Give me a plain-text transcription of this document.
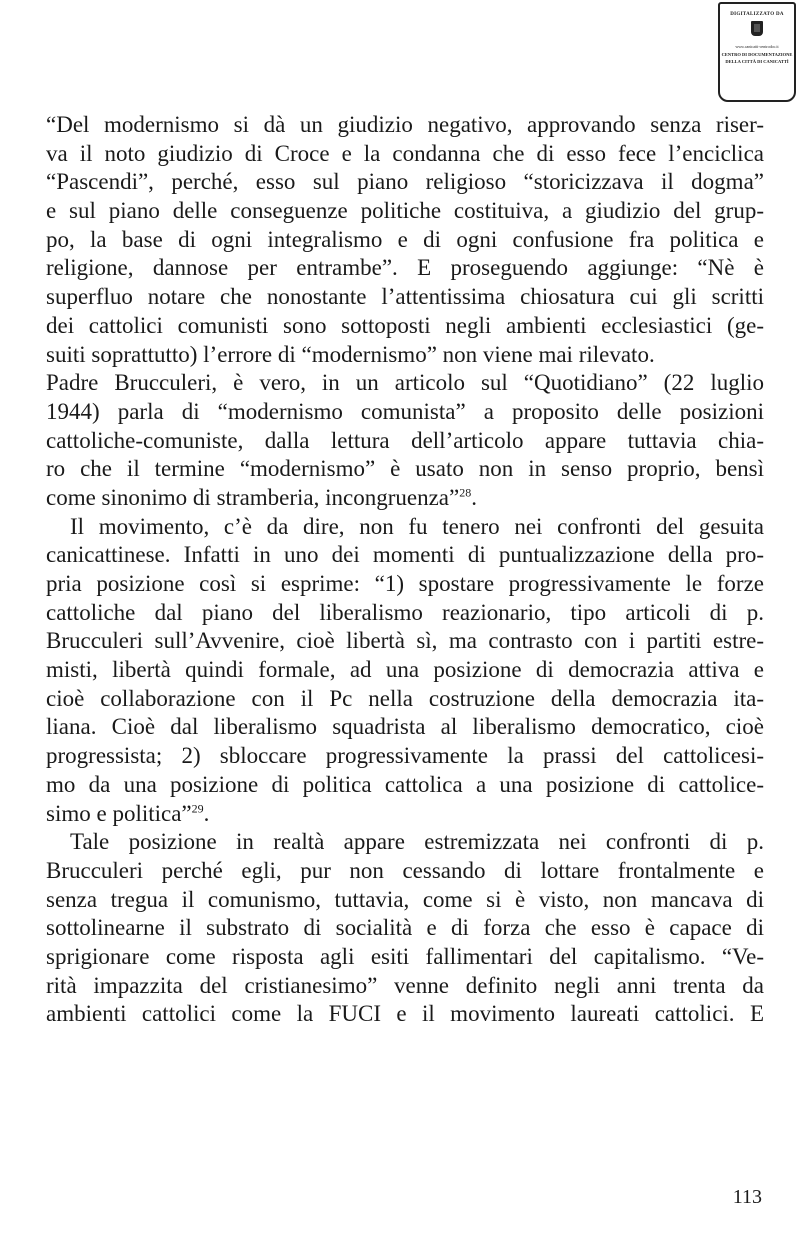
DIGITALIZZATO DA
www.canicatti-centrodoc.it
CENTRO DI DOCUMENTAZIONE
DELLA CITTÀ DI CANICATTÌ
“Del modernismo si dà un giudizio negativo, approvando senza riser-
va il noto giudizio di Croce e la condanna che di esso fece l’enciclica
“Pascendi”, perché, esso sul piano religioso “storicizzava il dogma”
e sul piano delle conseguenze politiche costituiva, a giudizio del grup-
po, la base di ogni integralismo e di ogni confusione fra politica e
religione, dannose per entrambe”. E proseguendo aggiunge: “Nè è
superfluo notare che nonostante l’attentissima chiosatura cui gli scritti
dei cattolici comunisti sono sottoposti negli ambienti ecclesiastici (ge-
suiti soprattutto) l’errore di “modernismo” non viene mai rilevato.
Padre Brucculeri, è vero, in un articolo sul “Quotidiano” (22 luglio
1944) parla di “modernismo comunista” a proposito delle posizioni
cattoliche-comuniste, dalla lettura dell’articolo appare tuttavia chia-
ro che il termine “modernismo” è usato non in senso proprio, bensì
come sinonimo di stramberia, incongruenza”$^{28}$.
Il movimento, c’è da dire, non fu tenero nei confronti del gesuita
canicattinese. Infatti in uno dei momenti di puntualizzazione della pro-
pria posizione così si esprime: “1) spostare progressivamente le forze
cattoliche dal piano del liberalismo reazionario, tipo articoli di p.
Brucculeri sull’Avvenire, cioè libertà sì, ma contrasto con i partiti estre-
misti, libertà quindi formale, ad una posizione di democrazia attiva e
cioè collaborazione con il Pc nella costruzione della democrazia ita-
liana. Cioè dal liberalismo squadrista al liberalismo democratico, cioè
progressista; 2) sbloccare progressivamente la prassi del cattolicesi-
mo da una posizione di politica cattolica a una posizione di cattolice-
simo e politica”$^{29}$.
Tale posizione in realtà appare estremizzata nei confronti di p.
Brucculeri perché egli, pur non cessando di lottare frontalmente e
senza tregua il comunismo, tuttavia, come si è visto, non mancava di
sottolinearne il substrato di socialità e di forza che esso è capace di
sprigionare come risposta agli esiti fallimentari del capitalismo. “Ve-
rità impazzita del cristianesimo” venne definito negli anni trenta da
ambienti cattolici come la FUCI e il movimento laureati cattolici. E
113
